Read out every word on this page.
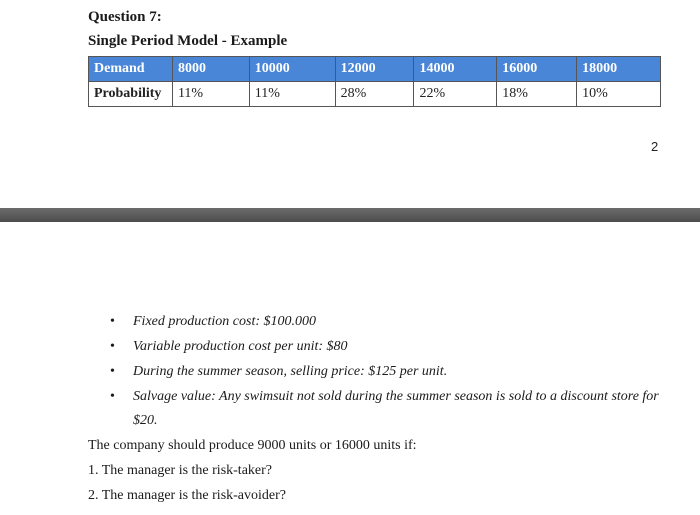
Question 7:
Single Period Model - Example
Demand	8000	10000	12000	14000	16000	18000
Probability	11%	11%	28%	22%	18%	10%
2
• Fixed production cost: $100.000
• Variable production cost per unit: $80
• During the summer season, selling price: $125 per unit.
• Salvage value: Any swimsuit not sold during the summer season is sold to a discount store for $20.
The company should produce 9000 units or 16000 units if:
1. The manager is the risk-taker?
2. The manager is the risk-avoider?
